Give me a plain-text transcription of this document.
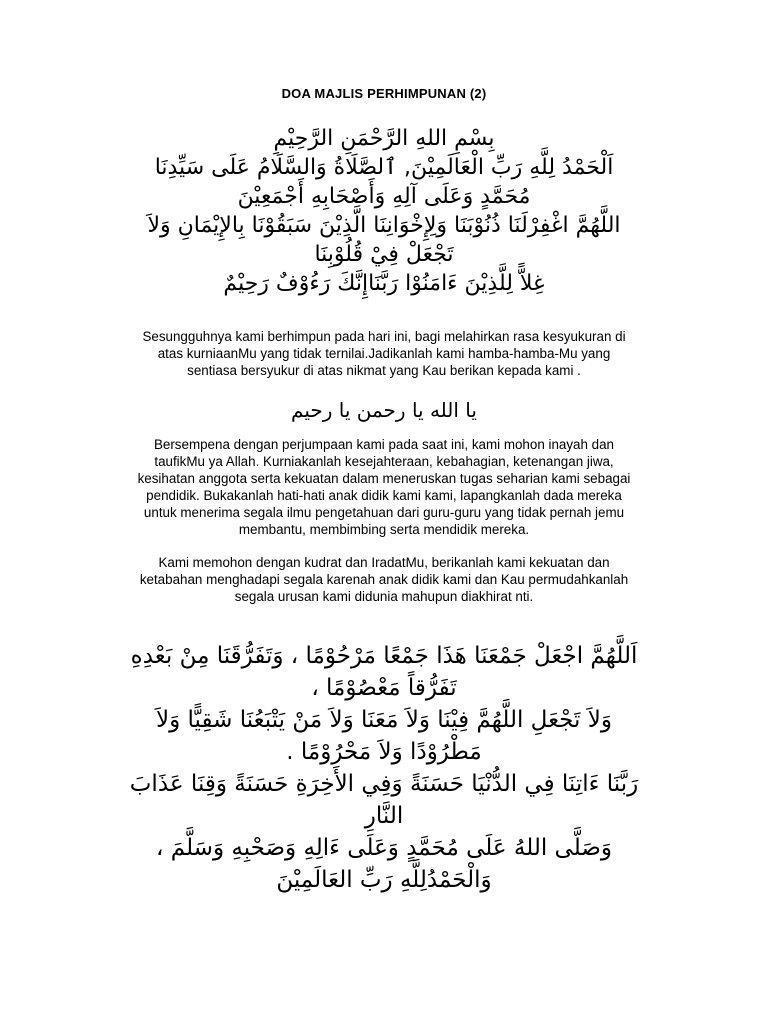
DOA MAJLIS PERHIMPUNAN (2)
بِسْمِ اللهِ الرَّحْمَنِ الرَّحِيْمِ
اَلْحَمْدُ لِلَّهِ رَبِّ الْعَالَمِيْنَ, ٱلصَّلَاةُ وَالسَّلَامُ عَلَى سَيِّدِنَا
مُحَمَّدٍ وَعَلَى آلِهِ وَأَصْحَابِهِ أَجْمَعِيْنَ
اللَّهُمَّ اغْفِرْلَنَا ذُنُوْبَنَا وَلِإِخْوَانِنَا الَّذِيْنَ سَبَقُوْنَا بِالإِيْمَانِ وَلاَ
تَجْعَلْ فِيْ قُلُوْبِنَا
غِلاًّ لِلَّذِيْنَ ءَامَنُوْا رَبَّنَاإِنَّكَ رَءُوْفٌ رَحِيْمٌ
Sesungguhnya kami berhimpun pada hari ini, bagi melahirkan rasa kesyukuran di
atas kurniaanMu yang tidak ternilai.Jadikanlah kami hamba-hamba-Mu yang
sentiasa bersyukur di atas nikmat yang Kau berikan kepada kami .
يا الله يا رحمن يا رحيم
Bersempena dengan perjumpaan kami pada saat ini, kami mohon inayah dan
taufikMu ya Allah. Kurniakanlah kesejahteraan, kebahagian, ketenangan jiwa,
kesihatan anggota serta kekuatan dalam meneruskan tugas seharian kami sebagai
pendidik. Bukakanlah hati-hati anak didik kami kami, lapangkanlah dada mereka
untuk menerima segala ilmu pengetahuan dari guru-guru yang tidak pernah jemu
membantu, membimbing serta mendidik mereka.
Kami memohon dengan kudrat dan IradatMu, berikanlah kami kekuatan dan
ketabahan menghadapi segala karenah anak didik kami dan Kau permudahkanlah
segala urusan kami didunia mahupun diakhirat nti.
اَللَّهُمَّ اجْعَلْ جَمْعَنَا هَذَا جَمْعًا مَرْحُوْمًا ، وَتَفَرُّقَنَا مِنْ بَعْدِهِ
تَفَرُّقاً مَعْصُوْمًا ،
وَلاَ تَجْعَلِ اللَّهُمَّ فِيْنَا وَلاَ مَعَنَا وَلاَ مَنْ يَتْبَعُنَا شَقِيًّا وَلاَ
مَطْرُوْدًا وَلاَ مَحْرُوْمًا .
رَبَّنَا ءَاتِنَا فِي الدُّنْيَا حَسَنَةً وَفِي الأَخِرَةِ حَسَنَةً وَقِنَا عَذَابَ
النَّارِ
وَصَلَّى اللهُ عَلَى مُحَمَّدٍ وَعَلَى ءَالِهِ وَصَحْبِهِ وَسَلَّمَ ،
وَالْحَمْدُلِلَّهِ رَبِّ العَالَمِيْنَ
